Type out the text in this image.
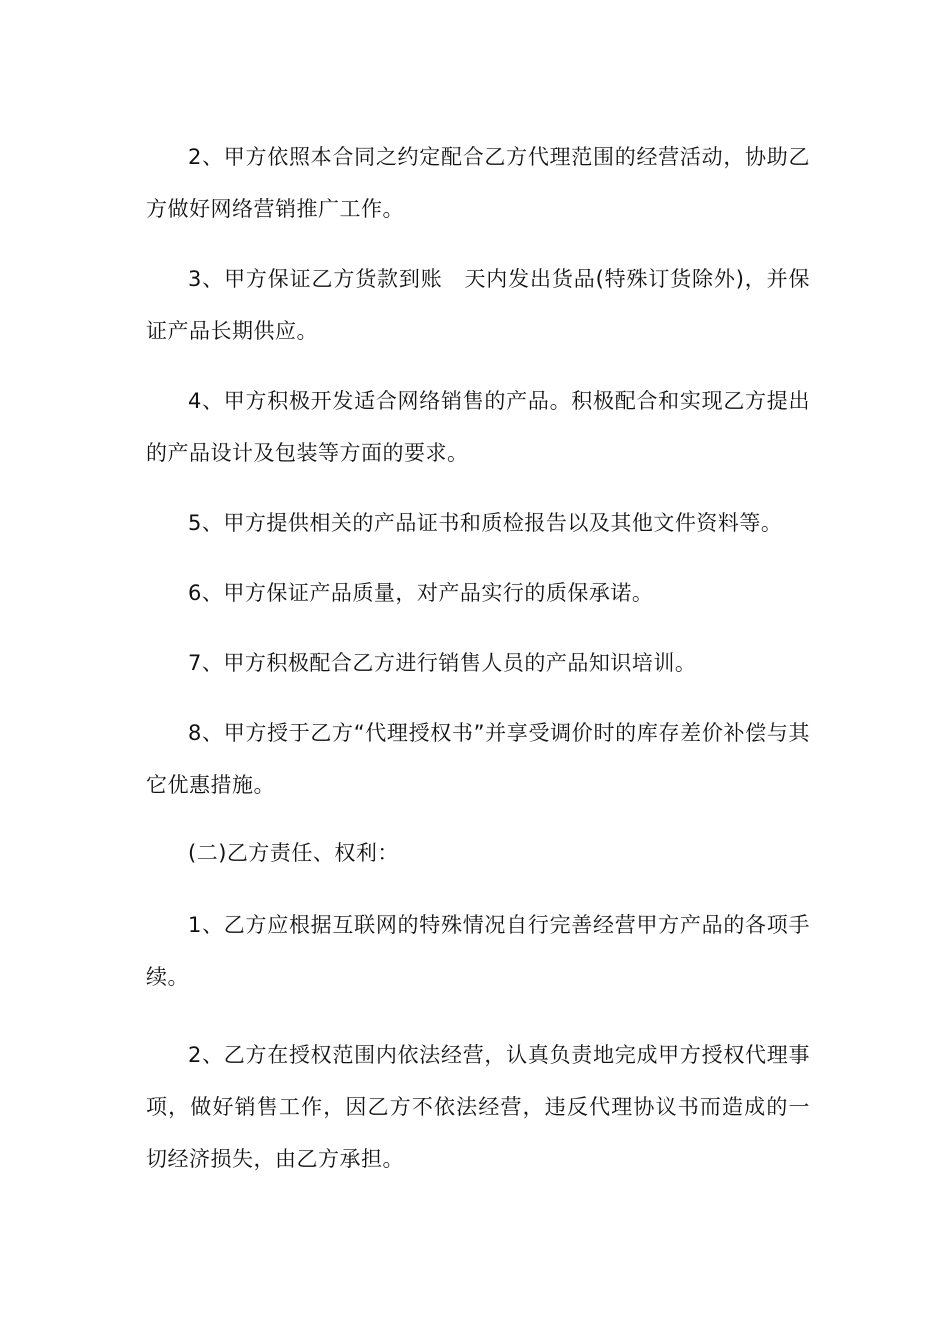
2、甲方依照本合同之约定配合乙方代理范围的经营活动，协助乙方做好网络营销推广工作。

3、甲方保证乙方货款到账　天内发出货品(特殊订货除外)，并保证产品长期供应。

4、甲方积极开发适合网络销售的产品。积极配合和实现乙方提出的产品设计及包装等方面的要求。

5、甲方提供相关的产品证书和质检报告以及其他文件资料等。

6、甲方保证产品质量，对产品实行的质保承诺。

7、甲方积极配合乙方进行销售人员的产品知识培训。

8、甲方授于乙方“代理授权书”并享受调价时的库存差价补偿与其它优惠措施。

(二)乙方责任、权利：

1、乙方应根据互联网的特殊情况自行完善经营甲方产品的各项手续。

2、乙方在授权范围内依法经营，认真负责地完成甲方授权代理事项，做好销售工作，因乙方不依法经营，违反代理协议书而造成的一切经济损失，由乙方承担。
